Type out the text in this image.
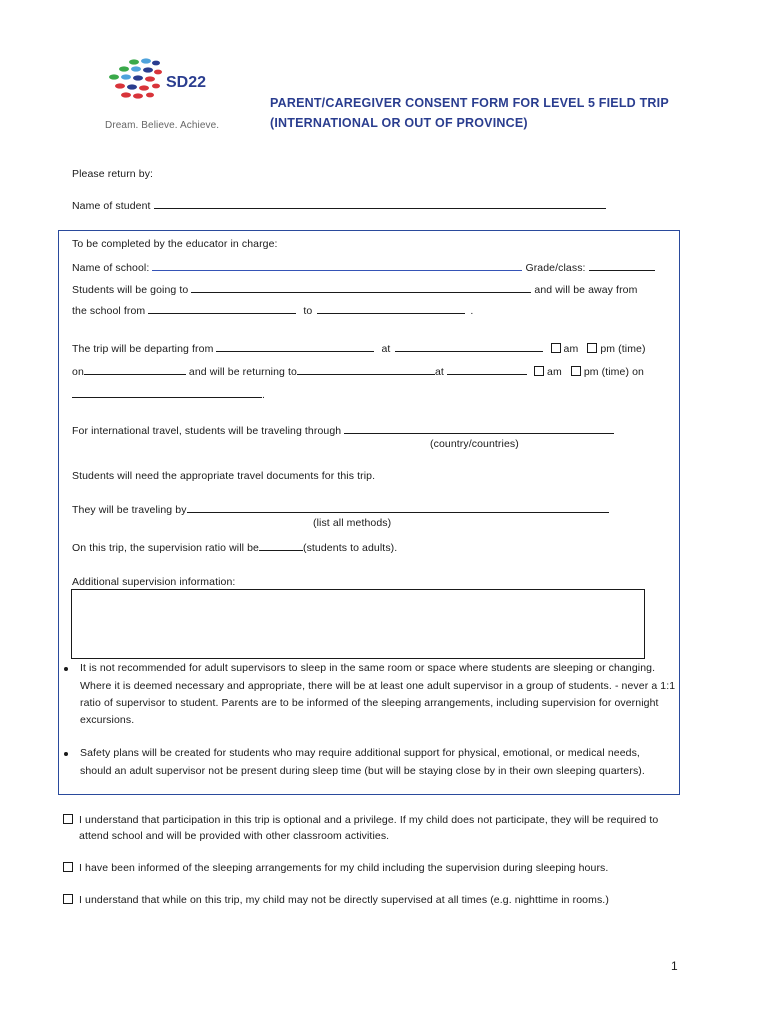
SD22
Dream. Believe. Achieve.
PARENT/CAREGIVER CONSENT FORM FOR LEVEL 5 FIELD TRIP
(INTERNATIONAL OR OUT OF PROVINCE)
Please return by:
Name of student
To be completed by the educator in charge:
Name of school:	Grade/class:
Students will be going to	and will be away from
the school from	to	.
The trip will be departing from	at	am pm (time)
on	and will be returning to	at	am pm (time) on
.
For international travel, students will be traveling through
(country/countries)
Students will need the appropriate travel documents for this trip.
They will be traveling by
(list all methods)
On this trip, the supervision ratio will be	(students to adults).
Additional supervision information:
It is not recommended for adult supervisors to sleep in the same room or space where students are sleeping or changing.
Where it is deemed necessary and appropriate, there will be at least one adult supervisor in a group of students. - never a 1:1
ratio of supervisor to student. Parents are to be informed of the sleeping arrangements, including supervision for overnight
excursions.
Safety plans will be created for students who may require additional support for physical, emotional, or medical needs,
should an adult supervisor not be present during sleep time (but will be staying close by in their own sleeping quarters).
I understand that participation in this trip is optional and a privilege. If my child does not participate, they will be required to
attend school and will be provided with other classroom activities.
I have been informed of the sleeping arrangements for my child including the supervision during sleeping hours.
I understand that while on this trip, my child may not be directly supervised at all times (e.g. nighttime in rooms.)
1
